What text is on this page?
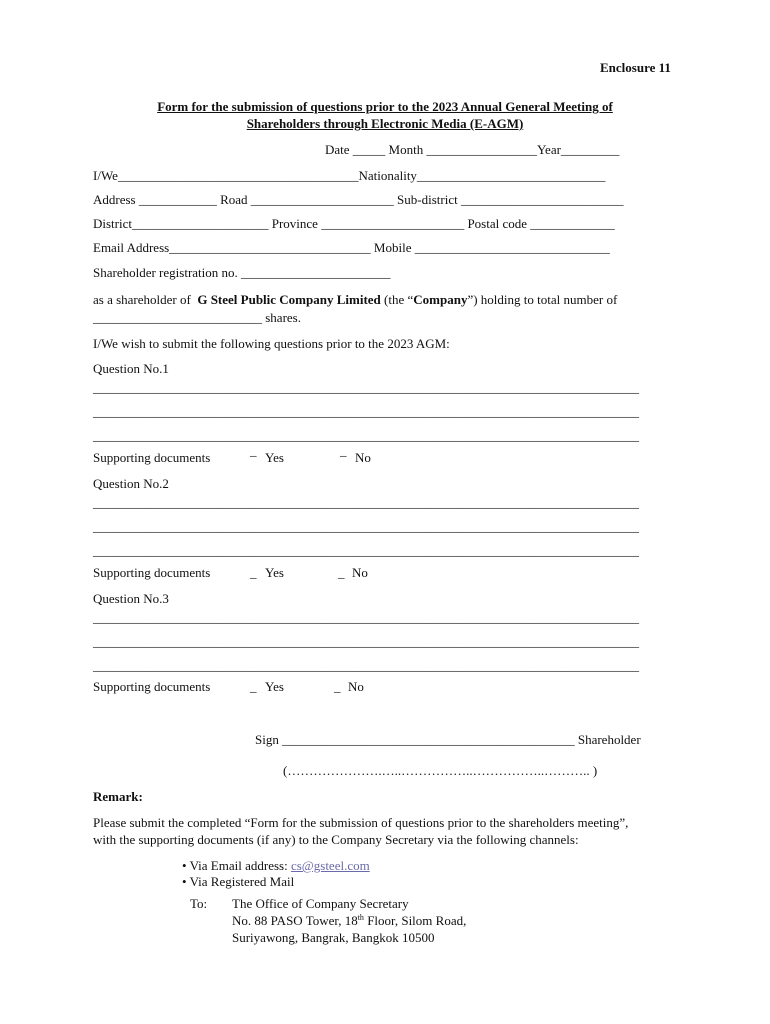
Enclosure 11
Form for the submission of questions prior to the 2023 Annual General Meeting of
Shareholders through Electronic Media (E-AGM)
Date _____ Month _________________Year_________
I/We_____________________________________Nationality_____________________________
Address ____________ Road ______________________ Sub-district _________________________
District_____________________ Province ______________________ Postal code _____________
Email Address_______________________________ Mobile ______________________________
Shareholder registration no. _______________________
as a shareholder of G Steel Public Company Limited (the “Company”) holding to total number of
__________________________ shares.
I/We wish to submit the following questions prior to the 2023 AGM:
Question No.1
____________________________________________________________________________________
____________________________________________________________________________________
____________________________________________________________________________________
Supporting documents	_ Yes	_ No
Question No.2
____________________________________________________________________________________
____________________________________________________________________________________
____________________________________________________________________________________
Supporting documents	_ Yes	_ No
Question No.3
____________________________________________________________________________________
____________________________________________________________________________________
____________________________________________________________________________________
Supporting documents	_ Yes	_ No
Sign _____________________________________________ Shareholder
(………………….…..……………..……………..……….. )
Remark:
Please submit the completed “Form for the submission of questions prior to the shareholders meeting”,
with the supporting documents (if any) to the Company Secretary via the following channels:
• Via Email address: cs@gsteel.com
• Via Registered Mail
To: The Office of Company Secretary
No. 88 PASO Tower, 18th Floor, Silom Road,
Suriyawong, Bangrak, Bangkok 10500
